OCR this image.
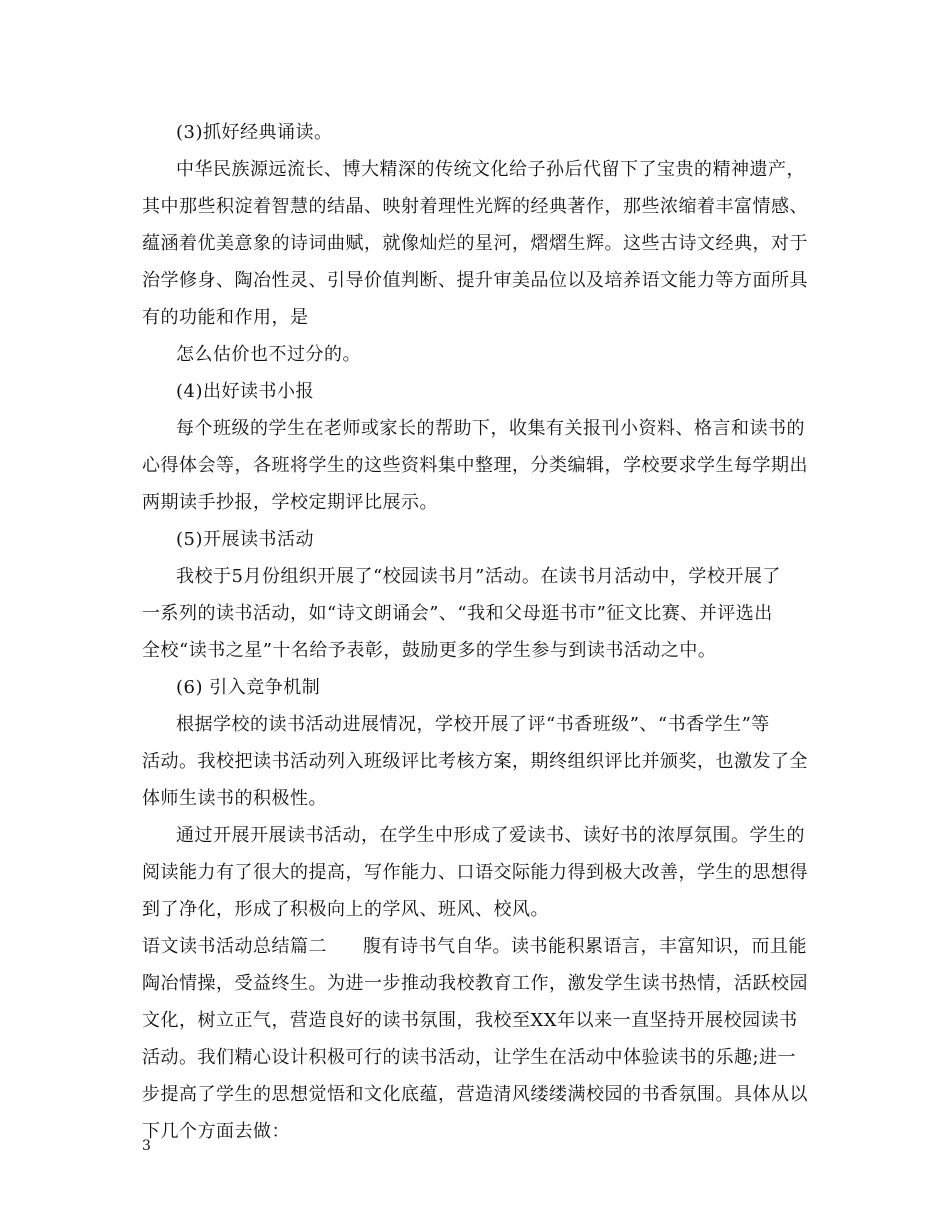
(3)抓好经典诵读。
中华民族源远流长、博大精深的传统文化给子孙后代留下了宝贵的精神遗产，
其中那些积淀着智慧的结晶、映射着理性光辉的经典著作，那些浓缩着丰富情感、
蕴涵着优美意象的诗词曲赋，就像灿烂的星河，熠熠生辉。这些古诗文经典，对于
治学修身、陶冶性灵、引导价值判断、提升审美品位以及培养语文能力等方面所具
有的功能和作用，是
怎么估价也不过分的。
(4)出好读书小报
每个班级的学生在老师或家长的帮助下，收集有关报刊小资料、格言和读书的
心得体会等，各班将学生的这些资料集中整理，分类编辑，学校要求学生每学期出
两期读手抄报，学校定期评比展示。
(5)开展读书活动
我校于5月份组织开展了“校园读书月”活动。在读书月活动中，学校开展了
一系列的读书活动，如“诗文朗诵会”、“我和父母逛书市”征文比赛、并评选出
全校“读书之星”十名给予表彰，鼓励更多的学生参与到读书活动之中。
(6) 引入竞争机制
根据学校的读书活动进展情况，学校开展了评“书香班级”、“书香学生”等
活动。我校把读书活动列入班级评比考核方案，期终组织评比并颁奖，也激发了全
体师生读书的积极性。
通过开展开展读书活动，在学生中形成了爱读书、读好书的浓厚氛围。学生的
阅读能力有了很大的提高，写作能力、口语交际能力得到极大改善，学生的思想得
到了净化，形成了积极向上的学风、班风、校风。
语文读书活动总结篇二 腹有诗书气自华。读书能积累语言，丰富知识，而且能
陶冶情操，受益终生。为进一步推动我校教育工作，激发学生读书热情，活跃校园
文化，树立正气，营造良好的读书氛围，我校至XX年以来一直坚持开展校园读书
活动。我们精心设计积极可行的读书活动，让学生在活动中体验读书的乐趣;进一
步提高了学生的思想觉悟和文化底蕴，营造清风缕缕满校园的书香氛围。具体从以
下几个方面去做：
3
